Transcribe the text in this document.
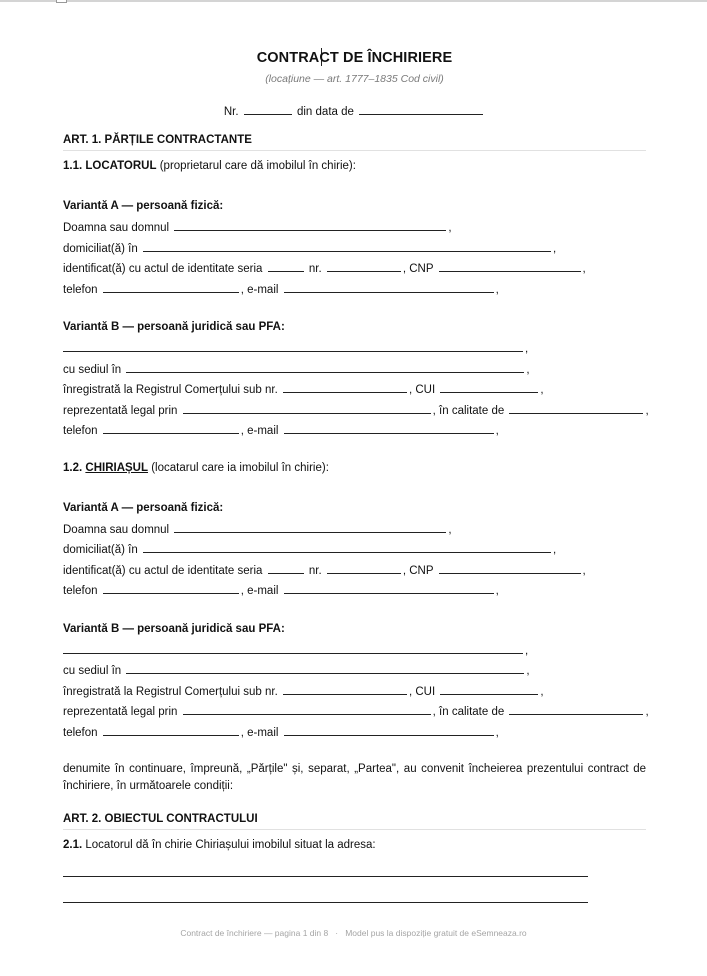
CONTRACT DE ÎNCHIRIERE
(locațiune — art. 1777–1835 Cod civil)
Nr.	din data de
ART. 1. PĂRȚILE CONTRACTANTE
1.1. LOCATORUL (proprietarul care dă imobilul în chirie):
Variantă A — persoană fizică:
Doamna sau domnul	,
domiciliat(ă) în	,
identificat(ă) cu actul de identitate seria	nr.	, CNP	,
telefon	, e-mail	,
Variantă B — persoană juridică sau PFA:
,
cu sediul în	,
înregistrată la Registrul Comerțului sub nr.	, CUI	,
reprezentată legal prin	, în calitate de	,
telefon	, e-mail	,
1.2. CHIRIAȘUL (locatarul care ia imobilul în chirie):
Variantă A — persoană fizică:
Doamna sau domnul	,
domiciliat(ă) în	,
identificat(ă) cu actul de identitate seria	nr.	, CNP	,
telefon	, e-mail	,
Variantă B — persoană juridică sau PFA:
,
cu sediul în	,
înregistrată la Registrul Comerțului sub nr.	, CUI	,
reprezentată legal prin	, în calitate de	,
telefon	, e-mail	,
denumite în continuare, împreună, „Părțile" și, separat, „Partea", au convenit încheierea prezentului contract de închiriere, în următoarele condiții:
ART. 2. OBIECTUL CONTRACTULUI
2.1. Locatorul dă în chirie Chiriașului imobilul situat la adresa:
Contract de închiriere — pagina 1 din 8   ·   Model pus la dispoziție gratuit de eSemneaza.ro
